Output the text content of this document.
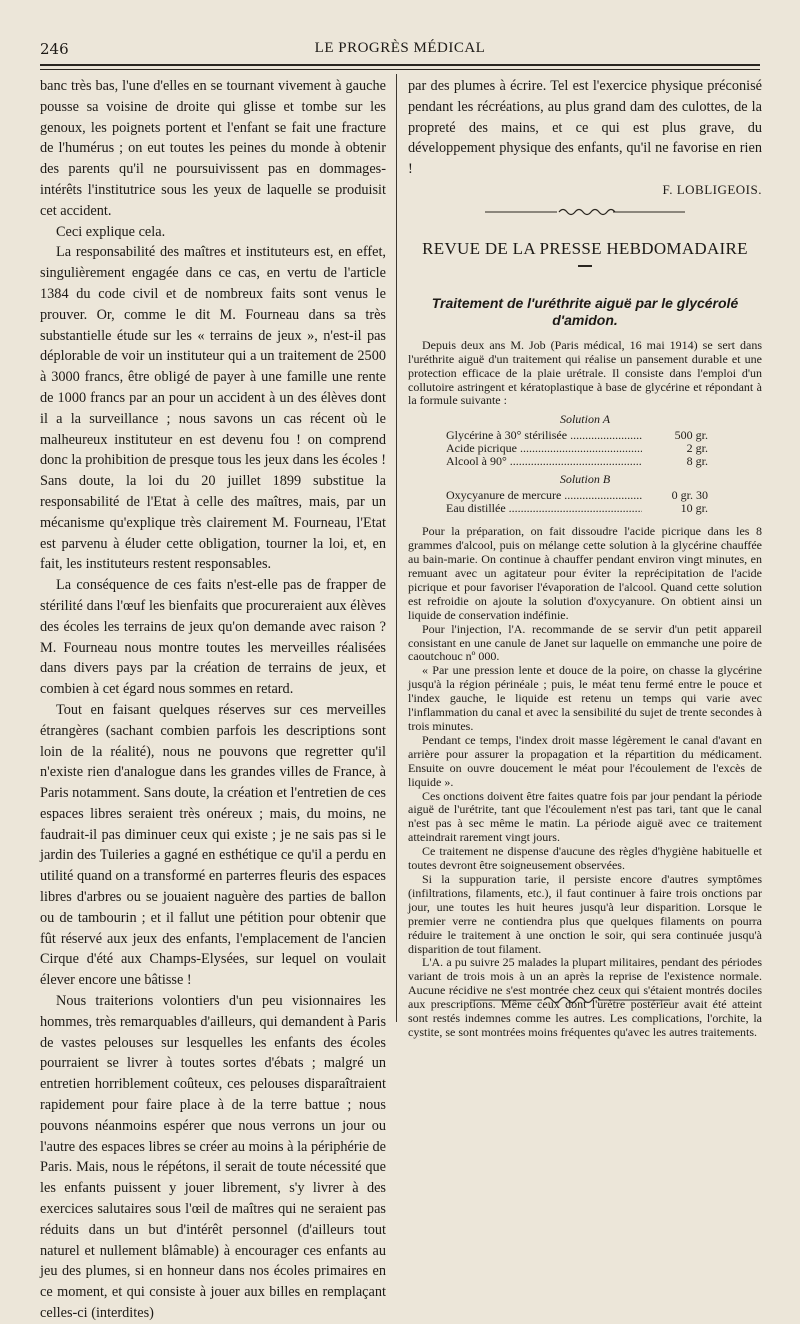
246	LE PROGRÈS MÉDICAL

banc très bas, l'une d'elles en se tournant vivement à gauche pousse sa voisine de droite qui glisse et tombe sur les genoux, les poignets portent et l'enfant se fait une fracture de l'humérus ; on eut toutes les peines du monde à obtenir des parents qu'il ne poursuivissent pas en dommages-intérêts l'institutrice sous les yeux de laquelle se produisit cet accident.

Ceci explique cela.

La responsabilité des maîtres et instituteurs est, en effet, singulièrement engagée dans ce cas, en vertu de l'article 1384 du code civil et de nombreux faits sont venus le prouver. Or, comme le dit M. Fourneau dans sa très substantielle étude sur les « terrains de jeux », n'est-il pas déplorable de voir un instituteur qui a un traitement de 2500 à 3000 francs, être obligé de payer à une famille une rente de 1000 francs par an pour un accident à un des élèves dont il a la surveillance ; nous savons un cas récent où le malheureux instituteur en est devenu fou ! on comprend donc la prohibition de presque tous les jeux dans les écoles ! Sans doute, la loi du 20 juillet 1899 substitue la responsabilité de l'Etat à celle des maîtres, mais, par un mécanisme qu'explique très clairement M. Fourneau, l'Etat est parvenu à éluder cette obligation, tourner la loi, et, en fait, les instituteurs restent responsables.

La conséquence de ces faits n'est-elle pas de frapper de stérilité dans l'œuf les bienfaits que procureraient aux élèves des écoles les terrains de jeux qu'on demande avec raison ? M. Fourneau nous montre toutes les merveilles réalisées dans divers pays par la création de terrains de jeux, et combien à cet égard nous sommes en retard.

Tout en faisant quelques réserves sur ces merveilles étrangères (sachant combien parfois les descriptions sont loin de la réalité), nous ne pouvons que regretter qu'il n'existe rien d'analogue dans les grandes villes de France, à Paris notamment. Sans doute, la création et l'entretien de ces espaces libres seraient très onéreux ; mais, du moins, ne faudrait-il pas diminuer ceux qui existe ; je ne sais pas si le jardin des Tuileries a gagné en esthétique ce qu'il a perdu en utilité quand on a transformé en parterres fleuris des espaces libres d'arbres ou se jouaient naguère des parties de ballon ou de tambourin ; et il fallut une pétition pour obtenir que fût réservé aux jeux des enfants, l'emplacement de l'ancien Cirque d'été aux Champs-Elysées, sur lequel on voulait élever encore une bâtisse !

Nous traiterions volontiers d'un peu visionnaires les hommes, très remarquables d'ailleurs, qui demandent à Paris de vastes pelouses sur lesquelles les enfants des écoles pourraient se livrer à toutes sortes d'ébats ; malgré un entretien horriblement coûteux, ces pelouses disparaîtraient rapidement pour faire place à de la terre battue ; nous pouvons néanmoins espérer que nous verrons un jour ou l'autre des espaces libres se créer au moins à la périphérie de Paris. Mais, nous le répétons, il serait de toute nécessité que les enfants puissent y jouer librement, s'y livrer à des exercices salutaires sous l'œil de maîtres qui ne seraient pas réduits dans un but d'intérêt personnel (d'ailleurs tout naturel et nullement blâmable) à encourager ces enfants au jeu des plumes, si en honneur dans nos écoles primaires en ce moment, et qui consiste à jouer aux billes en remplaçant celles-ci (interdites)

par des plumes à écrire. Tel est l'exercice physique préconisé pendant les récréations, au plus grand dam des culottes, de la propreté des mains, et ce qui est plus grave, du développement physique des enfants, qu'il ne favorise en rien !

F. LOBLIGEOIS.
REVUE DE LA PRESSE HEBDOMADAIRE
Traitement de l'uréthrite aiguë par le glycérolé d'amidon.

Depuis deux ans M. Job (Paris médical, 16 mai 1914) se sert dans l'uréthrite aiguë d'un traitement qui réalise un pansement durable et une protection efficace de la plaie urétrale. Il consiste dans l'emploi d'un collutoire astringent et kératoplastique à base de glycérine et répondant à la formule suivante :

Solution A
Glycérine à 30° stérilisée .....	500 gr.
Acide picrique .....	2 gr.
Alcool à 90° .....	8 gr.
Solution B
Oxycyanure de mercure .....	0 gr. 30
Eau distillée .....	10 gr.

Pour la préparation, on fait dissoudre l'acide picrique dans les 8 grammes d'alcool, puis on mélange cette solution à la glycérine chauffée au bain-marie. On continue à chauffer pendant environ vingt minutes, en remuant avec un agitateur pour éviter la reprécipitation de l'acide picrique et pour favoriser l'évaporation de l'alcool. Quand cette solution est refroidie on ajoute la solution d'oxycyanure. On obtient ainsi un liquide de conservation indéfinie.

Pour l'injection, l'A. recommande de se servir d'un petit appareil consistant en une canule de Janet sur laquelle on emmanche une poire de caoutchouc nº 000.

« Par une pression lente et douce de la poire, on chasse la glycérine jusqu'à la région périnéale ; puis, le méat tenu fermé entre le pouce et l'index gauche, le liquide est retenu un temps qui varie avec l'inflammation du canal et avec la sensibilité du sujet de trente secondes à trois minutes.

Pendant ce temps, l'index droit masse légèrement le canal d'avant en arrière pour assurer la propagation et la répartition du médicament. Ensuite on ouvre doucement le méat pour l'écoulement de l'excès de liquide ».

Ces onctions doivent être faites quatre fois par jour pendant la période aiguë de l'urétrite, tant que l'écoulement n'est pas tari, tant que le canal n'est pas à sec même le matin. La période aiguë avec ce traitement atteindrait rarement vingt jours.

Ce traitement ne dispense d'aucune des règles d'hygiène habituelle et toutes devront être soigneusement observées.

Si la suppuration tarie, il persiste encore d'autres symptômes (infiltrations, filaments, etc.), il faut continuer à faire trois onctions par jour, une toutes les huit heures jusqu'à leur disparition. Lorsque le premier verre ne contiendra plus que quelques filaments on pourra réduire le traitement à une onction le soir, qui sera continuée jusqu'à disparition de tout filament.

L'A. a pu suivre 25 malades la plupart militaires, pendant des périodes variant de trois mois à un an après la reprise de l'existence normale. Aucune récidive ne s'est montrée chez ceux qui s'étaient montrés dociles aux prescriptions. Même ceux dont l'urètre postérieur avait été atteint sont restés indemnes comme les autres. Les complications, l'orchite, la cystite, se sont montrées moins fréquentes qu'avec les autres traitements.
